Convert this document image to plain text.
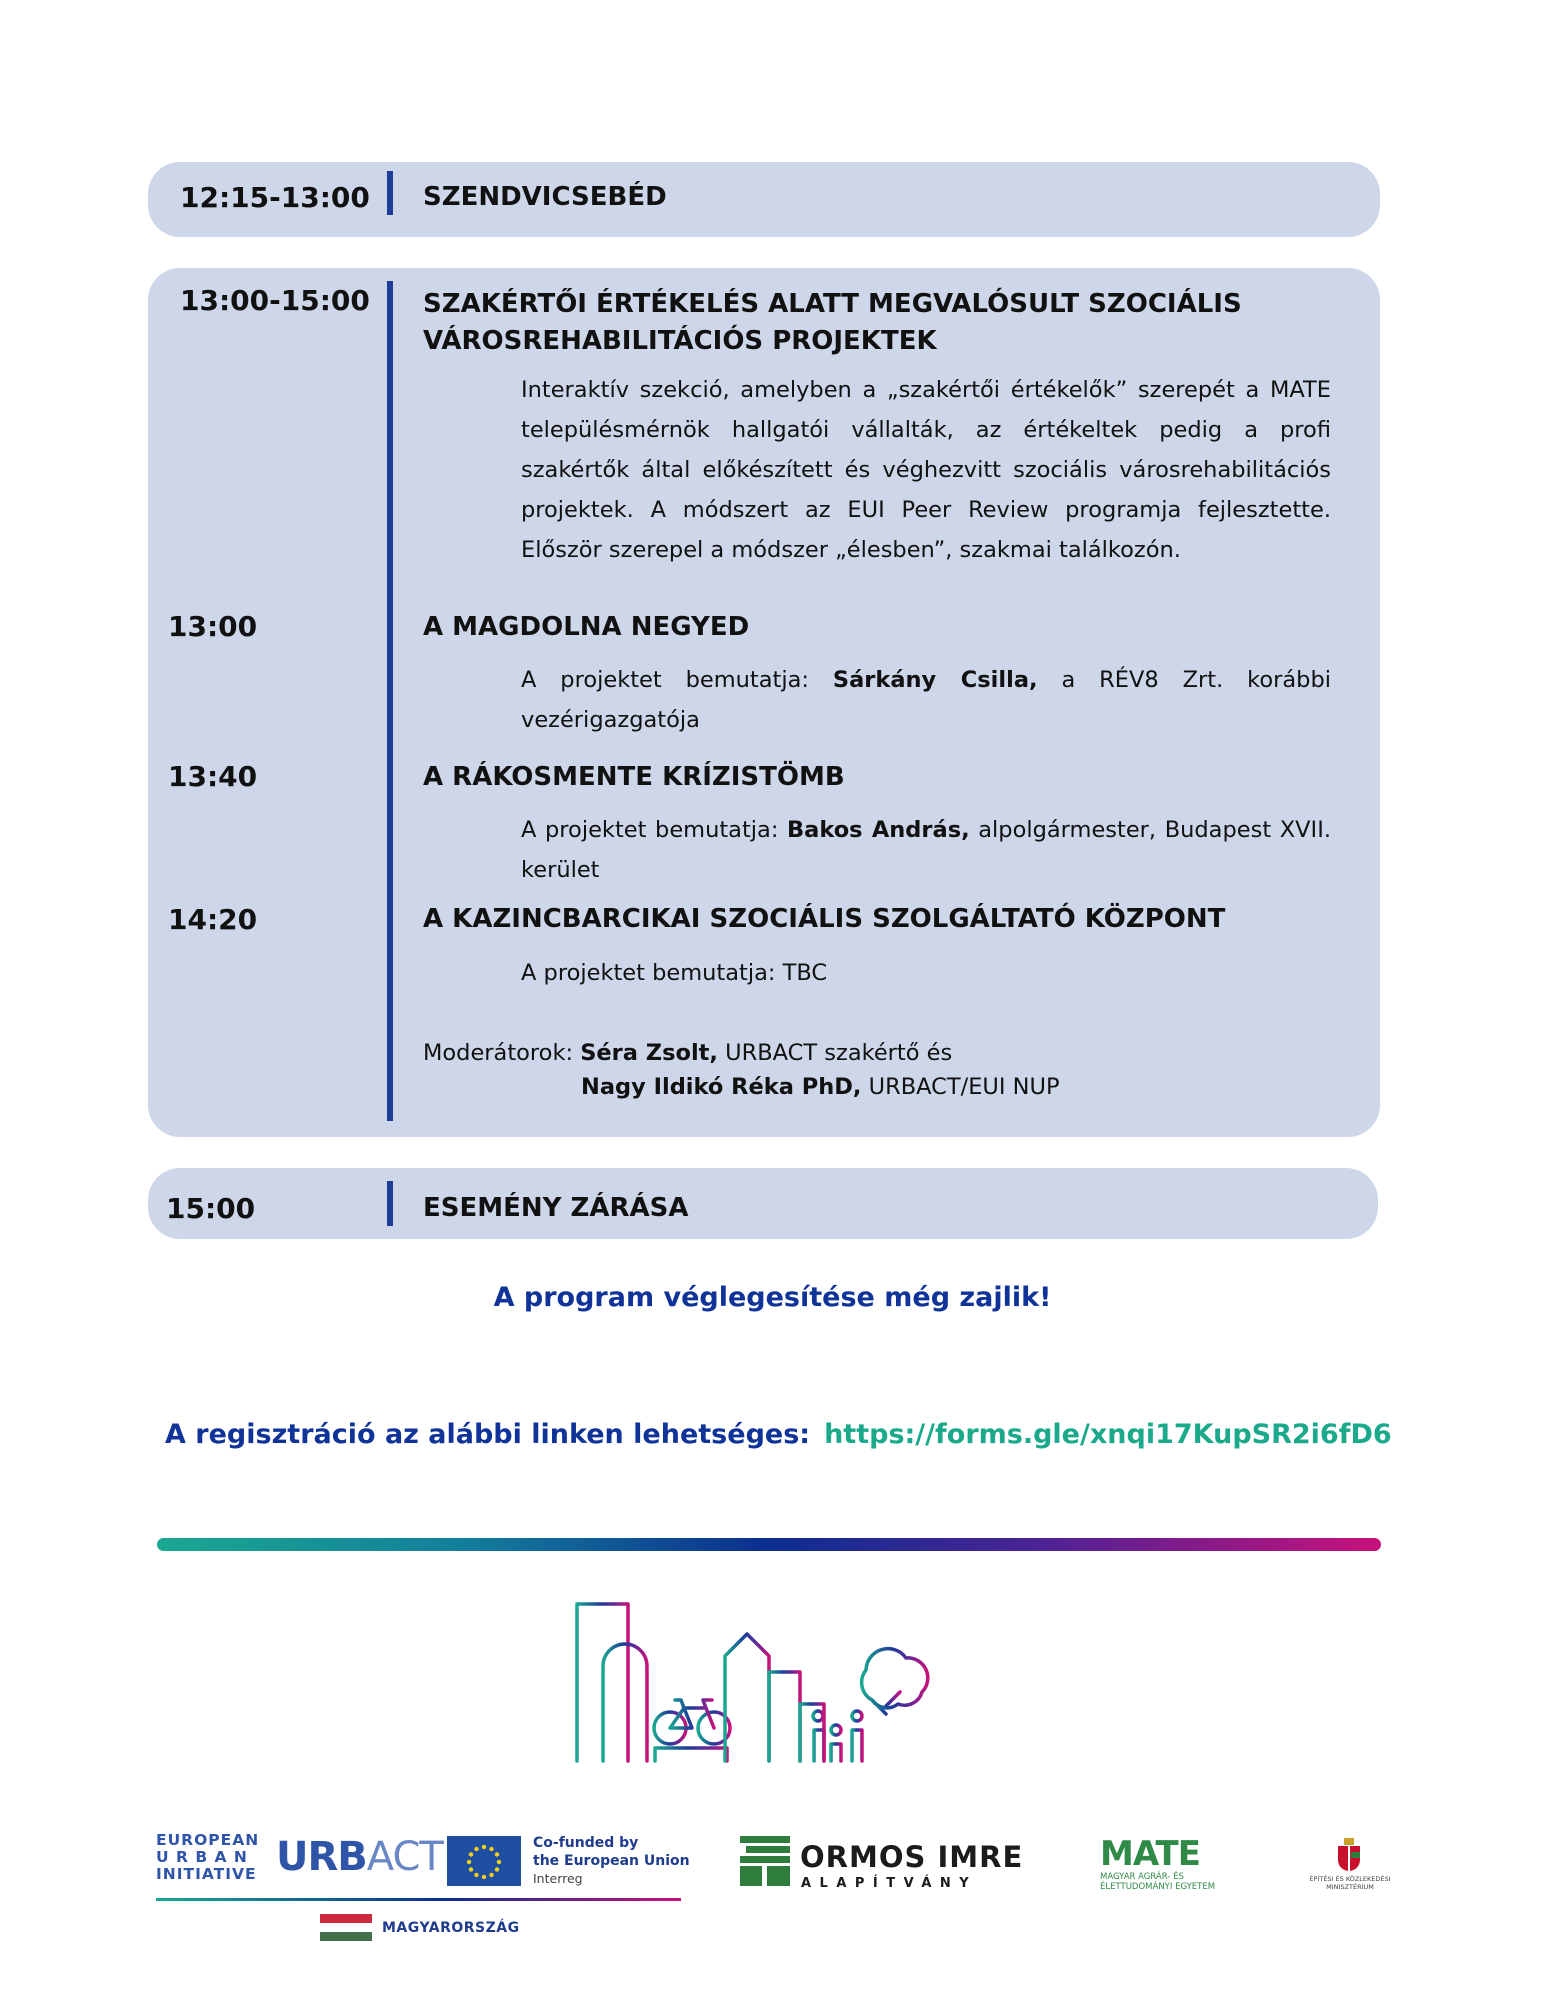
12:15-13:00 SZENDVICSEBÉD
13:00-15:00 SZAKÉRTŐI ÉRTÉKELÉS ALATT MEGVALÓSULT SZOCIÁLIS
VÁROSREHABILITÁCIÓS PROJEKTEK
Interaktív szekció, amelyben a „szakértői értékelők” szerepét a MATE településmérnök hallgatói vállalták, az értékeltek pedig a profi szakértők által előkészített és véghezvitt szociális városrehabilitációs projektek. A módszert az EUI Peer Review programja fejlesztette. Először szerepel a módszer „élesben”, szakmai találkozón.
13:00	A MAGDOLNA NEGYED
A projektet bemutatja: Sárkány Csilla, a RÉV8 Zrt. korábbi vezérigazgatója
13:40	A RÁKOSMENTE KRÍZISTÖMB
A projektet bemutatja: Bakos András, alpolgármester, Budapest XVII. kerület
14:20	A KAZINCBARCIKAI SZOCIÁLIS SZOLGÁLTATÓ KÖZPONT
A projektet bemutatja: TBC
Moderátorok: Séra Zsolt, URBACT szakértő és
Nagy Ildikó Réka PhD, URBACT/EUI NUP
15:00	ESEMÉNY ZÁRÁSA
A program véglegesítése még zajlik!
A regisztráció az alábbi linken lehetséges: https://forms.gle/xnqi17KupSR2i6fD6
EUROPEAN
U R B A N
INITIATIVE URBACT	Co-funded by
the European Union
Interreg
MAGYARORSZÁG
ORMOS IMRE
ALAPÍTVÁNY
MATE
MAGYAR AGRÁR- ÉS
ÉLETTUDOMÁNYI EGYETEM
ÉPÍTÉSI ÉS KÖZLEKEDÉSI
MINISZTÉRIUM
